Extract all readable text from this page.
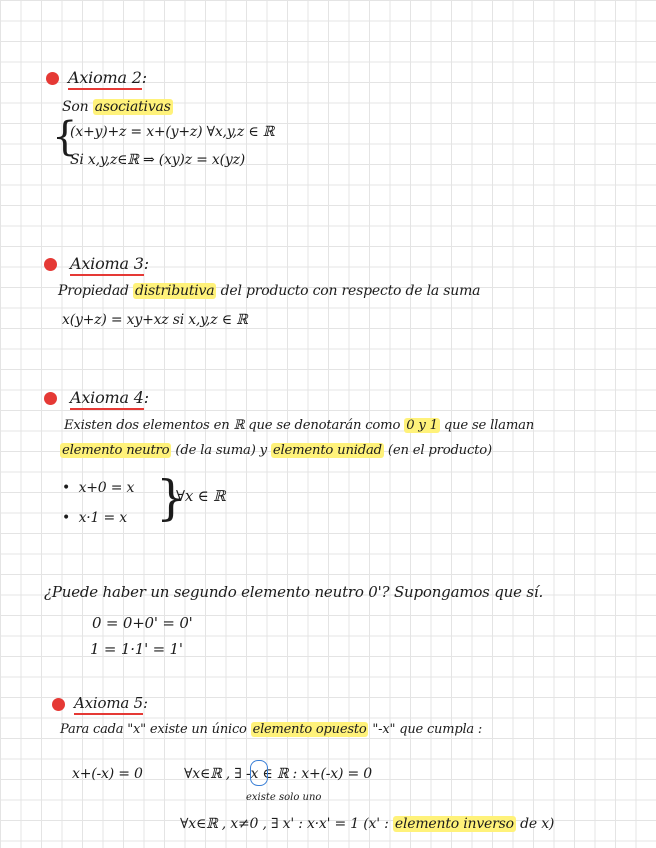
Axioma 2:
Son asociativas
{
(x+y)+z = x+(y+z) ∀x,y,z ∈ ℝ
Si x,y,z∈ℝ ⇒ (xy)z = x(yz)
Axioma 3:
Propiedad distributiva del producto con respecto de la suma
x(y+z) = xy+xz si x,y,z ∈ ℝ
Axioma 4:
Existen dos elementos en ℝ que se denotarán como 0 y 1 que se llaman
elemento neutro (de la suma) y elemento unidad (en el producto)
•  x+0 = x
•  x·1 = x }
∀x ∈ ℝ
¿Puede haber un segundo elemento neutro 0'? Supongamos que sí.
0 = 0+0' = 0'
1 = 1·1' = 1'
Axioma 5:
Para cada "x" existe un único elemento opuesto "-x" que cumpla :
x+(-x) = 0	∀x∈ℝ , ∃ -x ∈ ℝ : x+(-x) = 0
existe solo uno
∀x∈ℝ , x≠0 , ∃ x' : x·x' = 1 (x' : elemento inverso de x)
